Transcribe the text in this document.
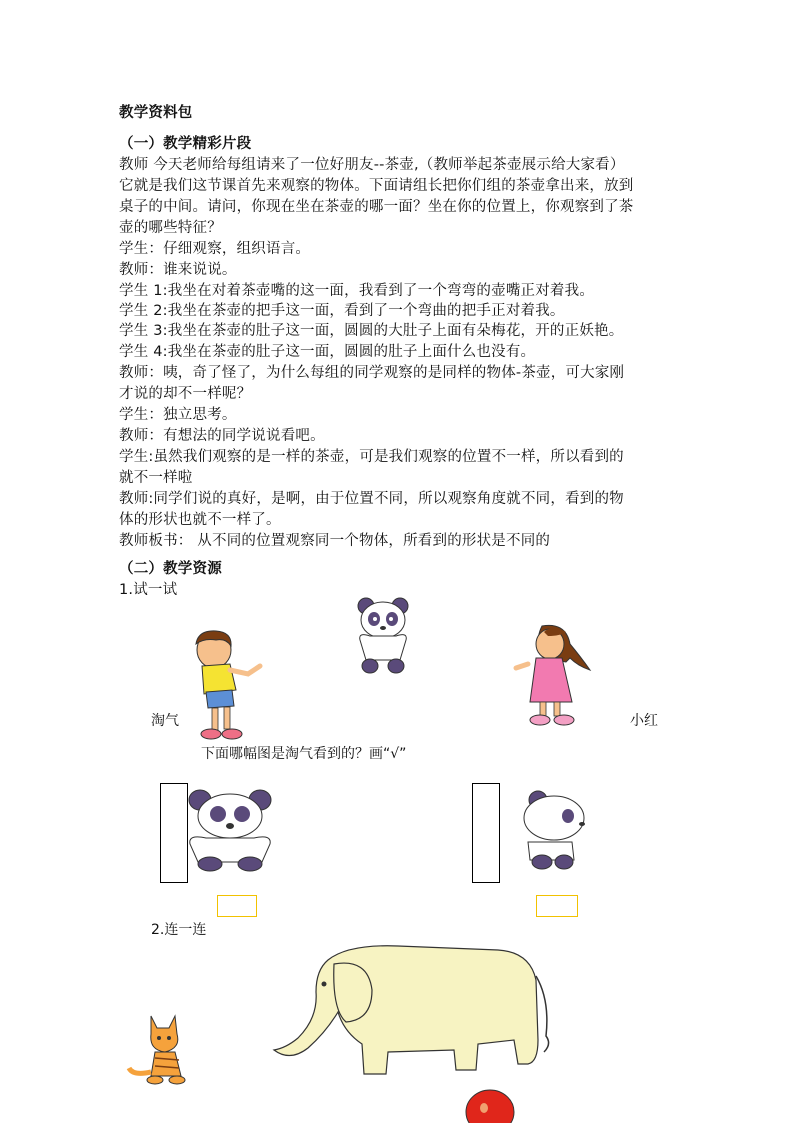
教学资料包
（一）教学精彩片段
教师 今天老师给每组请来了一位好朋友--茶壶,（教师举起茶壶展示给大家看）
它就是我们这节课首先来观察的物体。下面请组长把你们组的茶壶拿出来，放到
桌子的中间。请问，你现在坐在茶壶的哪一面？坐在你的位置上，你观察到了茶
壶的哪些特征？
学生：仔细观察，组织语言。
教师：谁来说说。
学生 1:我坐在对着茶壶嘴的这一面，我看到了一个弯弯的壶嘴正对着我。
学生 2:我坐在茶壶的把手这一面，看到了一个弯曲的把手正对着我。
学生 3:我坐在茶壶的肚子这一面，圆圆的大肚子上面有朵梅花，开的正妖艳。
学生 4:我坐在茶壶的肚子这一面，圆圆的肚子上面什么也没有。
教师：咦，奇了怪了，为什么每组的同学观察的是同样的物体-茶壶，可大家刚
才说的却不一样呢？
学生：独立思考。
教师：有想法的同学说说看吧。
学生:虽然我们观察的是一样的茶壶，可是我们观察的位置不一样，所以看到的
就不一样啦
教师:同学们说的真好，是啊，由于位置不同，所以观察角度就不同，看到的物
体的形状也就不一样了。
教师板书： 从不同的位置观察同一个物体，所看到的形状是不同的
（二）教学资源
1.试一试
淘气	小红
下面哪幅图是淘气看到的？画“√”
2.连一连
